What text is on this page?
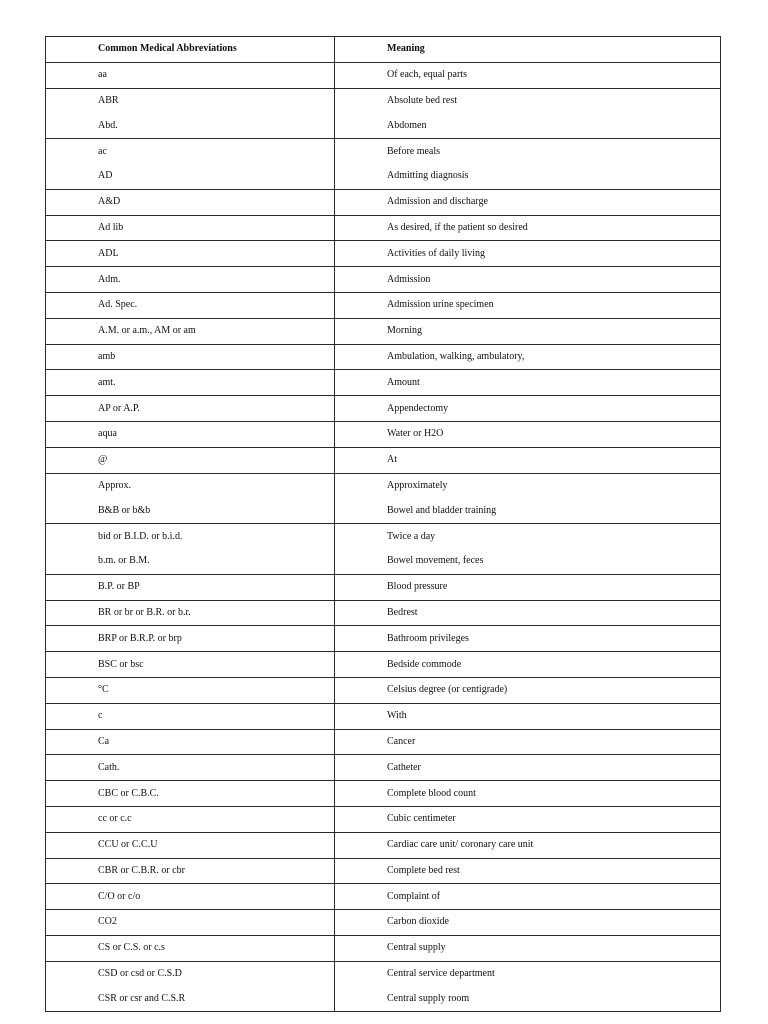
Common Medical Abbreviations	Meaning
aa	Of each, equal parts
ABR	Absolute bed rest
Abd.	Abdomen
ac	Before meals
AD	Admitting diagnosis
A&D	Admission and discharge
Ad lib	As desired, if the patient so desired
ADL	Activities of daily living
Adm.	Admission
Ad. Spec.	Admission urine specimen
A.M. or a.m., AM or am	Morning
amb	Ambulation, walking, ambulatory,
amt.	Amount
AP or A.P.	Appendectomy
aqua	Water or H2O
@	At
Approx.	Approximately
B&B or b&b	Bowel and bladder training
bid or B.I.D. or b.i.d.	Twice a day
b.m. or B.M.	Bowel movement, feces
B.P. or BP	Blood pressure
BR or br or B.R. or b.r.	Bedrest
BRP or B.R.P. or brp	Bathroom privileges
BSC or bsc	Bedside commode
°C	Celsius degree (or centigrade)
c	With
Ca	Cancer
Cath.	Catheter
CBC or C.B.C.	Complete blood count
cc or c.c	Cubic centimeter
CCU or C.C.U	Cardiac care unit/ coronary care unit
CBR or C.B.R. or cbr	Complete bed rest
C/O or c/o	Complaint of
CO2	Carbon dioxide
CS or C.S. or c.s	Central supply
CSD or csd or C.S.D	Central service department
CSR or csr and C.S.R	Central supply room
